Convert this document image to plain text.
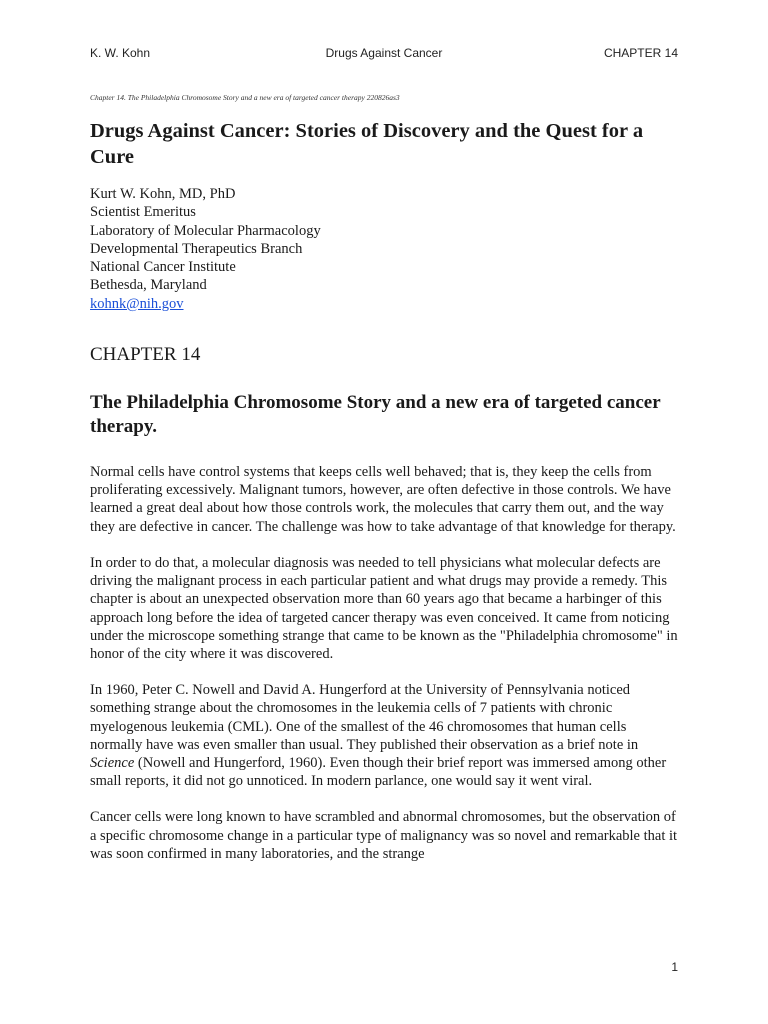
K. W. Kohn	Drugs Against Cancer	CHAPTER 14
Chapter 14. The Philadelphia Chromosome Story and a new era of targeted cancer therapy 220826as3
Drugs Against Cancer: Stories of Discovery and the Quest for a Cure
Kurt W. Kohn, MD, PhD
Scientist Emeritus
Laboratory of Molecular Pharmacology
Developmental Therapeutics Branch
National Cancer Institute
Bethesda, Maryland
kohnk@nih.gov
CHAPTER 14
The Philadelphia Chromosome Story and a new era of targeted cancer therapy.

Normal cells have control systems that keeps cells well behaved; that is, they keep the cells from proliferating excessively. Malignant tumors, however, are often defective in those controls. We have learned a great deal about how those controls work, the molecules that carry them out, and the way they are defective in cancer. The challenge was how to take advantage of that knowledge for therapy.

In order to do that, a molecular diagnosis was needed to tell physicians what molecular defects are driving the malignant process in each particular patient and what drugs may provide a remedy. This chapter is about an unexpected observation more than 60 years ago that became a harbinger of this approach long before the idea of targeted cancer therapy was even conceived. It came from noticing under the microscope something strange that came to be known as the "Philadelphia chromosome" in honor of the city where it was discovered.

In 1960, Peter C. Nowell and David A. Hungerford at the University of Pennsylvania noticed something strange about the chromosomes in the leukemia cells of 7 patients with chronic myelogenous leukemia (CML). One of the smallest of the 46 chromosomes that human cells normally have was even smaller than usual. They published their observation as a brief note in Science (Nowell and Hungerford, 1960). Even though their brief report was immersed among other small reports, it did not go unnoticed. In modern parlance, one would say it went viral.

Cancer cells were long known to have scrambled and abnormal chromosomes, but the observation of a specific chromosome change in a particular type of malignancy was so novel and remarkable that it was soon confirmed in many laboratories, and the strange

1
